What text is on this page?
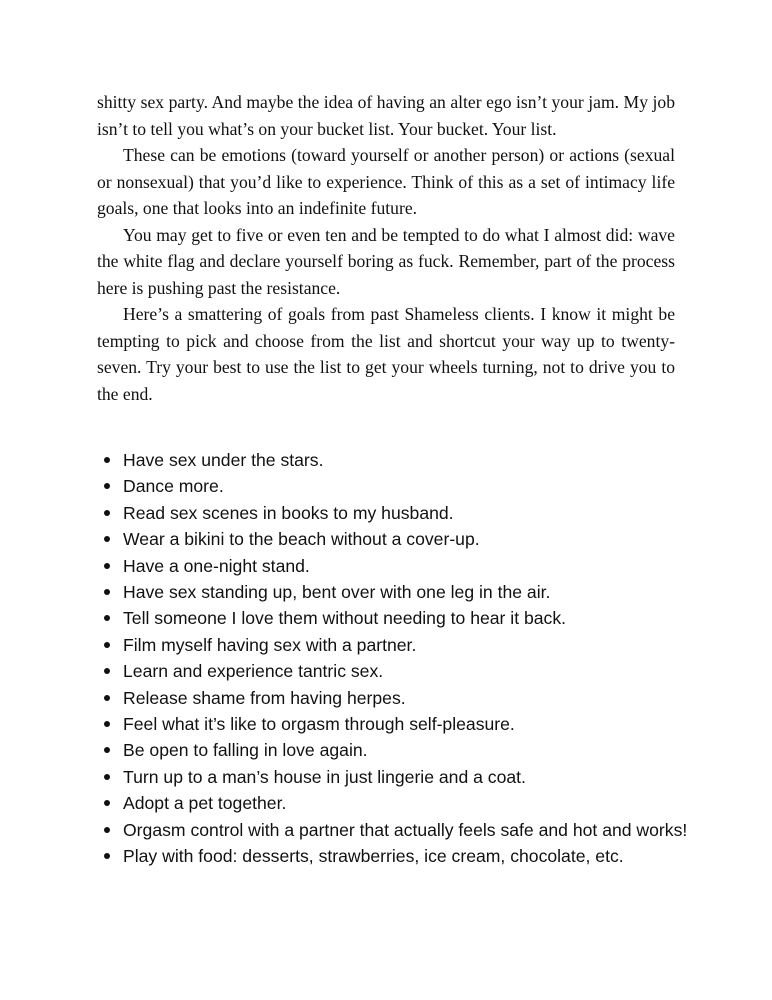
shitty sex party. And maybe the idea of having an alter ego isn’t your jam. My job isn’t to tell you what’s on your bucket list. Your bucket. Your list.

These can be emotions (toward yourself or another person) or actions (sexual or nonsexual) that you’d like to experience. Think of this as a set of intimacy life goals, one that looks into an indefinite future.

You may get to five or even ten and be tempted to do what I almost did: wave the white flag and declare yourself boring as fuck. Remember, part of the process here is pushing past the resistance.

Here’s a smattering of goals from past Shameless clients. I know it might be tempting to pick and choose from the list and shortcut your way up to twenty-seven. Try your best to use the list to get your wheels turning, not to drive you to the end.

Have sex under the stars.
Dance more.
Read sex scenes in books to my husband.
Wear a bikini to the beach without a cover-up.
Have a one-night stand.
Have sex standing up, bent over with one leg in the air.
Tell someone I love them without needing to hear it back.
Film myself having sex with a partner.
Learn and experience tantric sex.
Release shame from having herpes.
Feel what it’s like to orgasm through self-pleasure.
Be open to falling in love again.
Turn up to a man’s house in just lingerie and a coat.
Adopt a pet together.
Orgasm control with a partner that actually feels safe and hot and works!
Play with food: desserts, strawberries, ice cream, chocolate, etc.
